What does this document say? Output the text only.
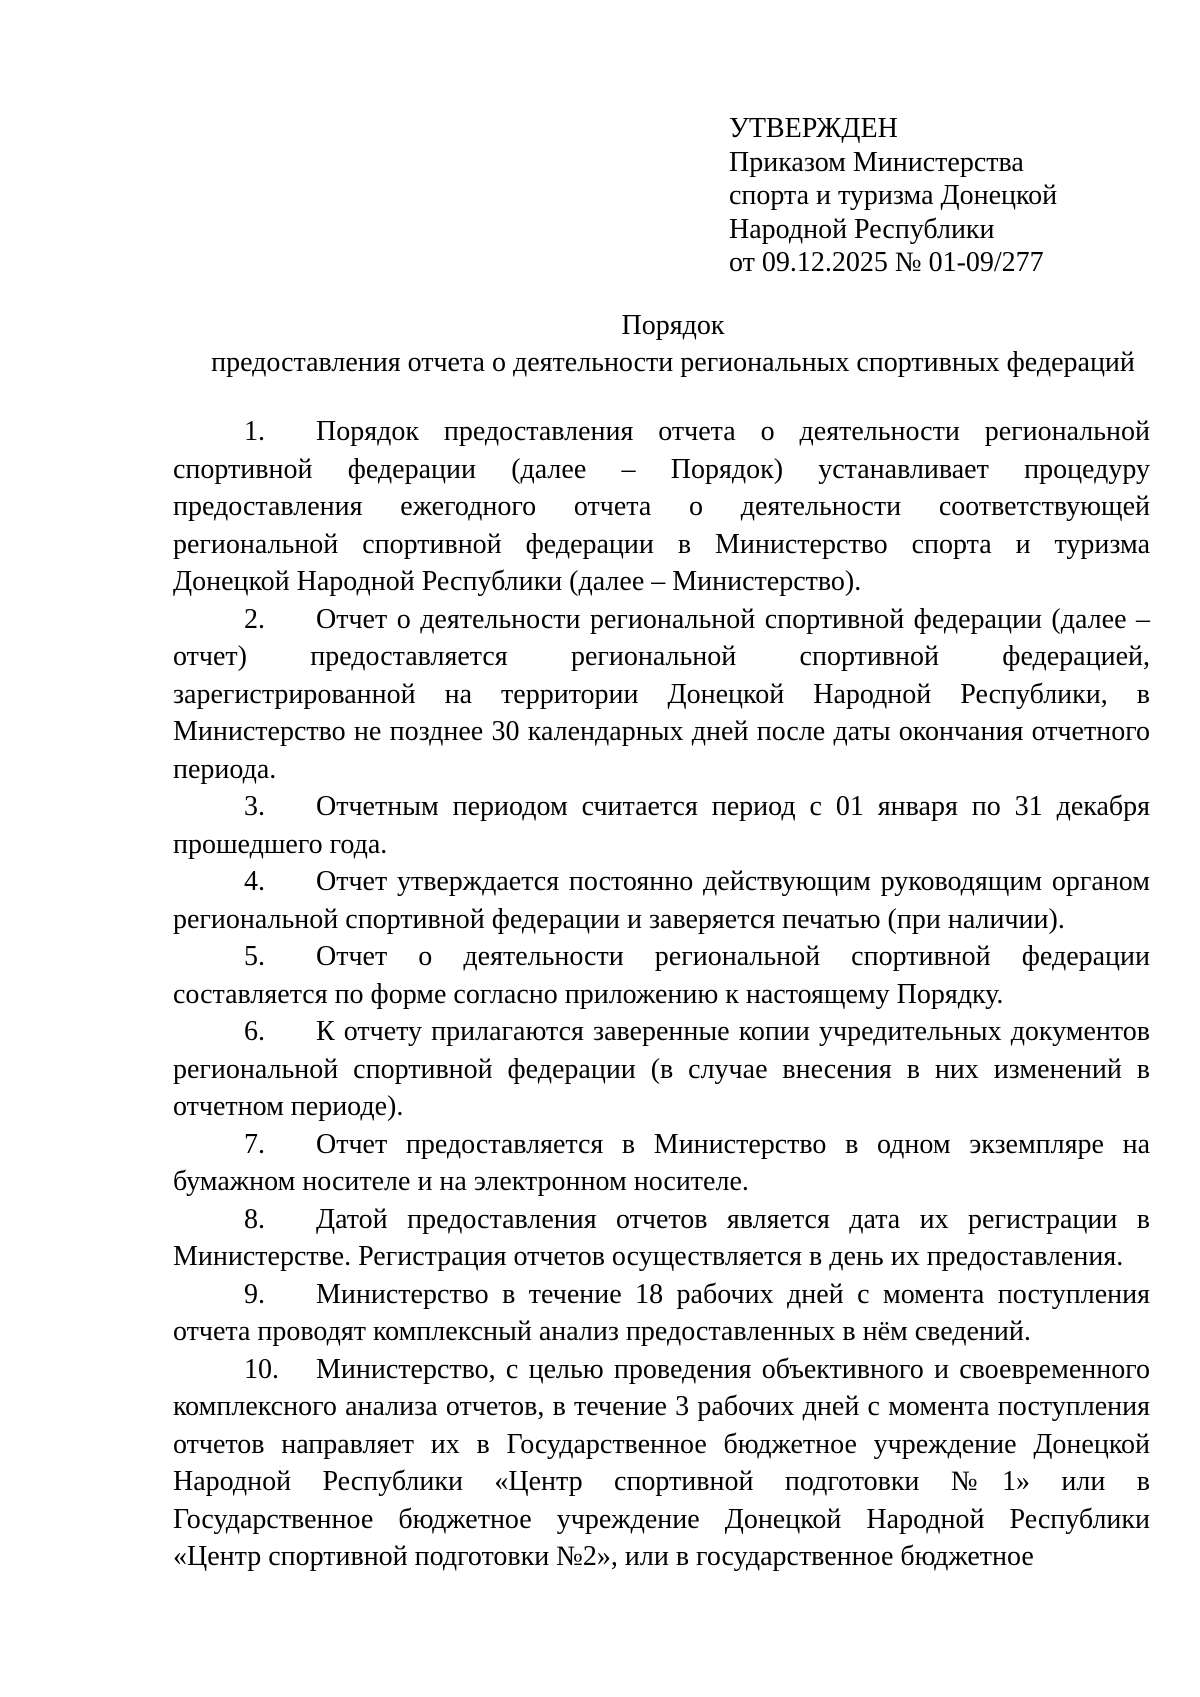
УТВЕРЖДЕН
Приказом Министерства
спорта и туризма Донецкой
Народной Республики
от 09.12.2025 № 01-09/277
Порядок
предоставления отчета о деятельности региональных спортивных федераций

1. Порядок предоставления отчета о деятельности региональной спортивной федерации (далее – Порядок) устанавливает процедуру предоставления ежегодного отчета о деятельности соответствующей региональной спортивной федерации в Министерство спорта и туризма Донецкой Народной Республики (далее – Министерство).

2. Отчет о деятельности региональной спортивной федерации (далее – отчет) предоставляется региональной спортивной федерацией, зарегистрированной на территории Донецкой Народной Республики, в Министерство не позднее 30 календарных дней после даты окончания отчетного периода.

3. Отчетным периодом считается период с 01 января по 31 декабря прошедшего года.

4. Отчет утверждается постоянно действующим руководящим органом региональной спортивной федерации и заверяется печатью (при наличии).

5. Отчет о деятельности региональной спортивной федерации составляется по форме согласно приложению к настоящему Порядку.

6. К отчету прилагаются заверенные копии учредительных документов региональной спортивной федерации (в случае внесения в них изменений в отчетном периоде).

7. Отчет предоставляется в Министерство в одном экземпляре на бумажном носителе и на электронном носителе.

8. Датой предоставления отчетов является дата их регистрации в Министерстве. Регистрация отчетов осуществляется в день их предоставления.

9. Министерство в течение 18 рабочих дней с момента поступления отчета проводят комплексный анализ предоставленных в нём сведений.

10. Министерство, с целью проведения объективного и своевременного комплексного анализа отчетов, в течение 3 рабочих дней с момента поступления отчетов направляет их в Государственное бюджетное учреждение Донецкой Народной Республики «Центр спортивной подготовки №1» или в Государственное бюджетное учреждение Донецкой Народной Республики «Центр спортивной подготовки №2», или в государственное бюджетное
